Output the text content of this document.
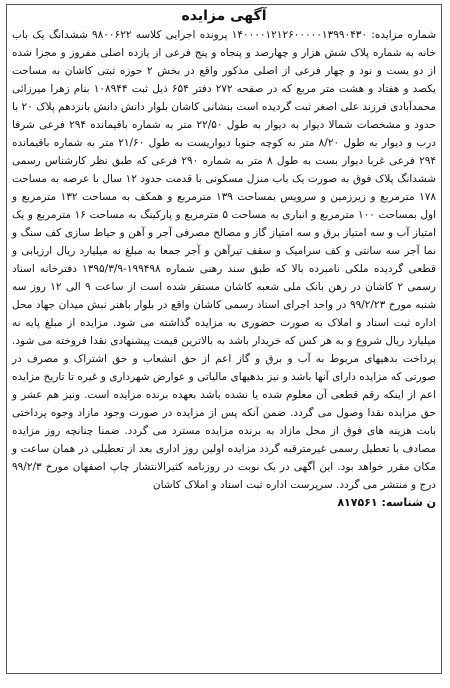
آگهی مزایده

شماره مزایده: ۱۴۰۰۰۰۱۲۱۲۶۰۰۰۰۰۱۳۹۹۰۴۳۰ پرونده اجرایی کلاسه ۹۸۰۰۶۲۲ ششدانگ یک باب خانه به شماره پلاک شش هزار و چهارصد و پنجاه و پنج فرعی از یازده اصلی مفروز و مجزا شده از دو یست و نود و چهار فرعی از اصلی مذکور واقع در بخش ۲ حوزه ثبتی کاشان به مساحت یکصد و هفتاد و هشت متر مربع که در صفحه ۲۷۲ دفتر ۶۵۴ ذیل ثبت ۱۰۸۹۴۴ بنام زهرا میرزائی محمدآبادی فرزند علی اصغر ثبت گردیده است بنشانی کاشان بلوار دانش دانش بانزدهم پلاک ۲۰ با حدود و مشخصات شمالا دیوار به دیوار به طول ۲۲/۵۰ متر به شماره باقیمانده ۲۹۴ فرعی شرقا درب و دیوار به طول ۸/۲۰ متر به کوچه جنوبا دیواریست به طول ۲۱/۶۰ متر به شماره باقیمانده ۲۹۴ فرعی غربا دیوار بست به طول ۸ متر به شماره ۲۹۰ فرعی که طبق نظر کارشناس رسمی ششدانگ پلاک فوق به صورت یک باب منزل مسکونی با قدمت حدود ۱۲ سال با عرصه به مساحت ۱۷۸ مترمربع و زیرزمین و سرویس بمساحت ۱۳۹ مترمربع و همکف به مساحت ۱۳۲ مترمربع و اول بمساحت ۱۰۰ مترمربع و انباری به مساحت ۵ مترمربع و پارکینگ به مساحت ۱۶ مترمربع و یک امتیاز آب و سه امتیاز برق و سه امتیاز گاز و مصالح مصرفی آجر و آهن و حیاط سازی کف سنگ و نما آجر سه سانتی و کف سرامیک و سقف تیرآهن و آجر جمعا به مبلغ نه میلیارد ریال ارزیابی و قطعی گردیده ملکی نامبرده بالا که طبق سند رهنی شماره ۱۹۹۴۹۸-۱۳۹۵/۳/۹ دفترخانه اسناد رسمی ۲ کاشان در رهن بانک ملی شعبه کاشان مستقر شده است از ساعت ۹ الی ۱۲ روز سه شنبه مورخ ۹۹/۲/۲۳ در واحد اجرای اسناد رسمی کاشان واقع در بلوار باهنر نبش میدان جهاد محل اداره ثبت اسناد و املاک به صورت حضوری به مزایده گذاشته می شود. مزایده از مبلغ پایه نه میلیارد ریال شروع و به هر کس که خریدار باشد به بالاترین قیمت پیشنهادی نقدا فروخته می شود. پرداخت بدهیهای مربوط به آب و برق و گاز اعم از حق انشعاب و حق اشتراک و مصرف در صورتی که مزایده دارای آنها باشد و نیز بدهیهای مالیاتی و عوارض شهرداری و غیره تا تاریخ مزایده اعم از اینکه رقم قطعی آن معلوم شده یا نشده باشد بعهده برنده مزایده است. ونیز هم عشر و حق مزایده نقدا وصول می گردد. ضمن آنکه پس از مزایده در صورت وجود مازاد وجوه پرداختی بابت هزینه های فوق از محل مازاد به برنده مزایده مسترد می گردد. ضمنا چنانچه روز مزایده مصادف با تعطیل رسمی غیرمترقبه گردد مزایده اولین روز اداری بعد از تعطیلی در همان ساعت و مکان مقرر خواهد بود. این آگهی در یک نوبت در روزنامه کثیرالانتشار چاپ اصفهان مورخ ۹۹/۲/۳ درج و منتشر می گردد. سرپرست اداره ثبت اسناد و املاک کاشان

ن شناسه: ۸۱۷۵۶۱
